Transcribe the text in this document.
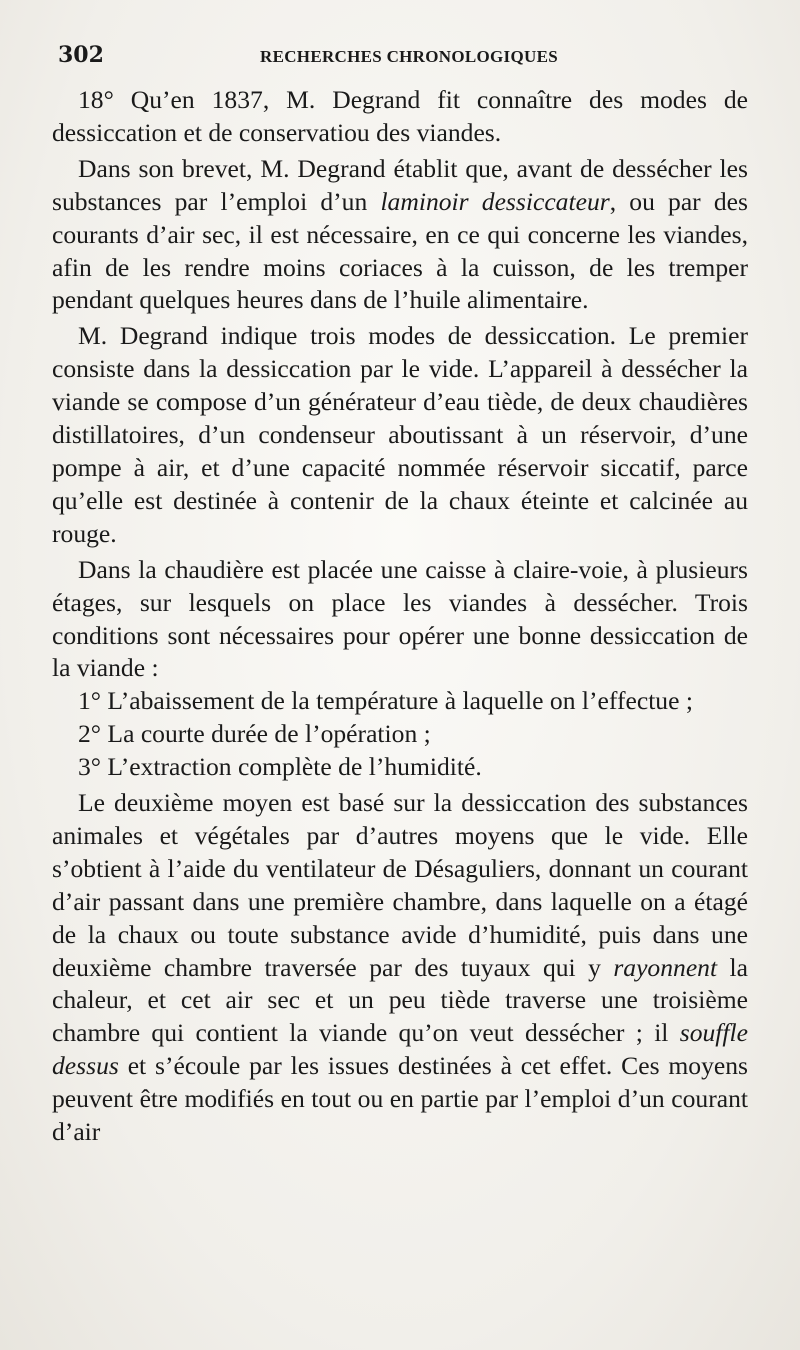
302	RECHERCHES CHRONOLOGIQUES

18° Qu’en 1837, M. Degrand fit connaître des modes de dessiccation et de conservatiou des viandes.

Dans son brevet, M. Degrand établit que, avant de dessécher les substances par l’emploi d’un laminoir dessiccateur, ou par des courants d’air sec, il est nécessaire, en ce qui concerne les viandes, afin de les rendre moins coriaces à la cuisson, de les tremper pendant quelques heures dans de l’huile alimentaire.

M. Degrand indique trois modes de dessiccation. Le premier consiste dans la dessiccation par le vide. L’appareil à dessécher la viande se compose d’un générateur d’eau tiède, de deux chaudières distillatoires, d’un condenseur aboutissant à un réservoir, d’une pompe à air, et d’une capacité nommée réservoir siccatif, parce qu’elle est destinée à contenir de la chaux éteinte et calcinée au rouge.

Dans la chaudière est placée une caisse à claire-voie, à plusieurs étages, sur lesquels on place les viandes à dessécher. Trois conditions sont nécessaires pour opérer une bonne dessiccation de la viande :

1° L’abaissement de la température à laquelle on l’effectue ;

2° La courte durée de l’opération ;

3° L’extraction complète de l’humidité.

Le deuxième moyen est basé sur la dessiccation des substances animales et végétales par d’autres moyens que le vide. Elle s’obtient à l’aide du ventilateur de Désaguliers, donnant un courant d’air passant dans une première chambre, dans laquelle on a étagé de la chaux ou toute substance avide d’humidité, puis dans une deuxième chambre traversée par des tuyaux qui y rayonnent la chaleur, et cet air sec et un peu tiède traverse une troisième chambre qui contient la viande qu’on veut dessécher ; il souffle dessus et s’écoule par les issues destinées à cet effet. Ces moyens peuvent être modifiés en tout ou en partie par l’emploi d’un courant d’air
